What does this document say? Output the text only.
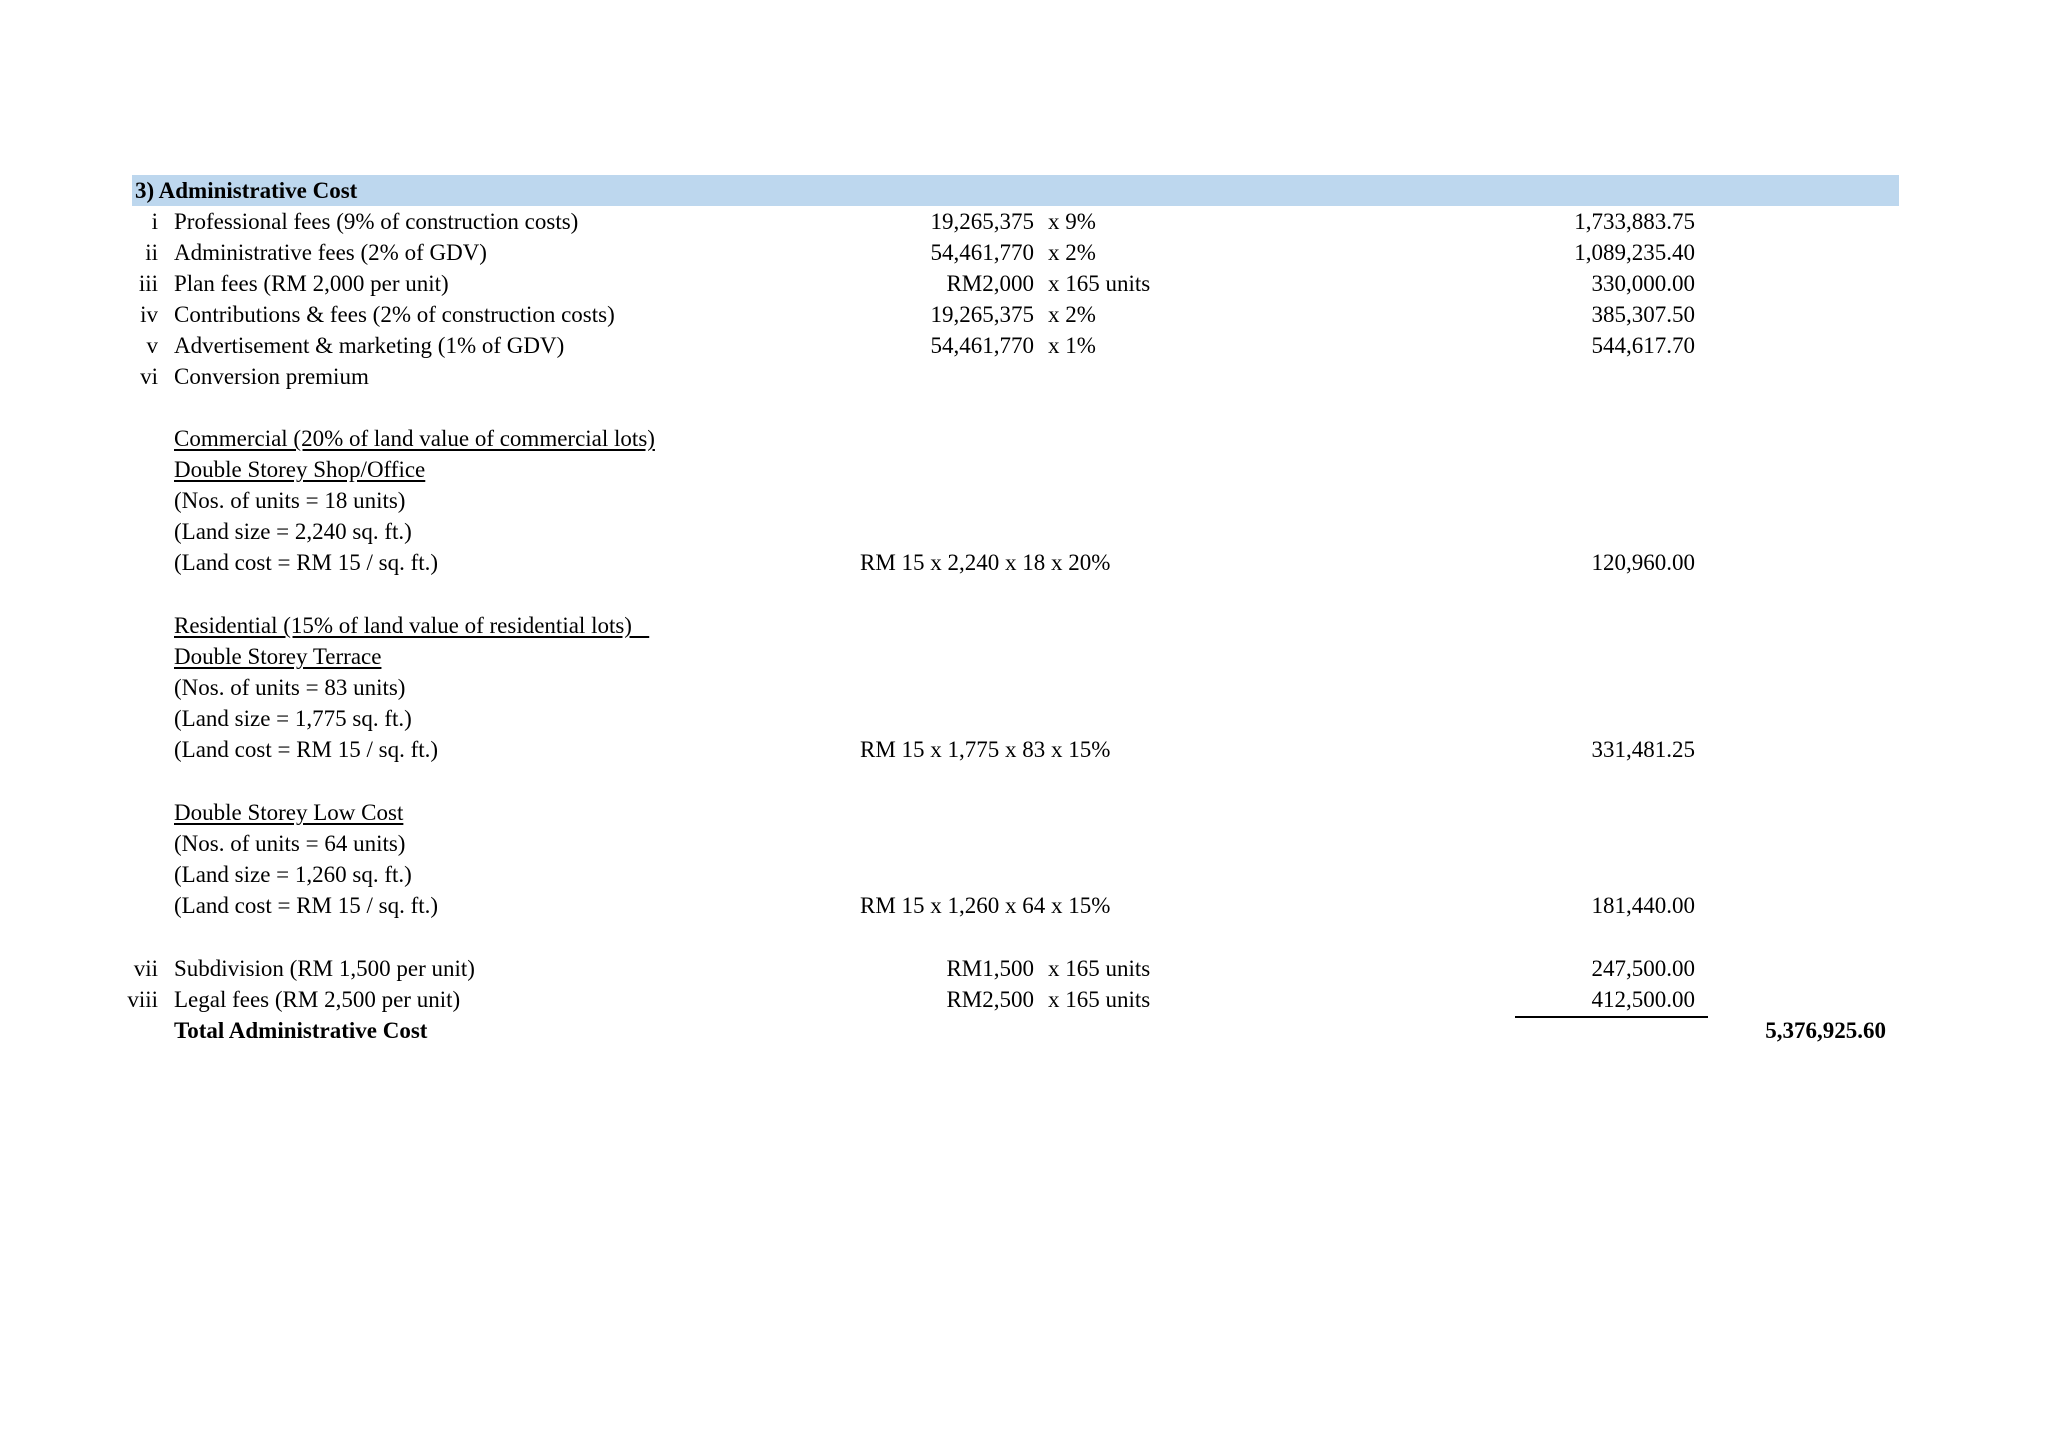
3) Administrative Cost
i Professional fees (9% of construction costs)	19,265,375 x 9%	1,733,883.75
ii Administrative fees (2% of GDV)	54,461,770 x 2%	1,089,235.40
iii Plan fees (RM 2,000 per unit)	RM2,000 x 165 units	330,000.00
iv Contributions & fees (2% of construction costs)	19,265,375 x 2%	385,307.50
v Advertisement & marketing (1% of GDV)	54,461,770 x 1%	544,617.70
vi Conversion premium
Commercial (20% of land value of commercial lots)
Double Storey Shop/Office
(Nos. of units = 18 units)
(Land size = 2,240 sq. ft.)
(Land cost = RM 15 / sq. ft.)	RM 15 x 2,240 x 18 x 20%	120,960.00
Residential (15% of land value of residential lots)
Double Storey Terrace
(Nos. of units = 83 units)
(Land size = 1,775 sq. ft.)
(Land cost = RM 15 / sq. ft.)	RM 15 x 1,775 x 83 x 15%	331,481.25
Double Storey Low Cost
(Nos. of units = 64 units)
(Land size = 1,260 sq. ft.)
(Land cost = RM 15 / sq. ft.)	RM 15 x 1,260 x 64 x 15%	181,440.00
vii Subdivision (RM 1,500 per unit)	RM1,500 x 165 units	247,500.00
viii Legal fees (RM 2,500 per unit)	RM2,500 x 165 units	412,500.00
Total Administrative Cost	5,376,925.60
